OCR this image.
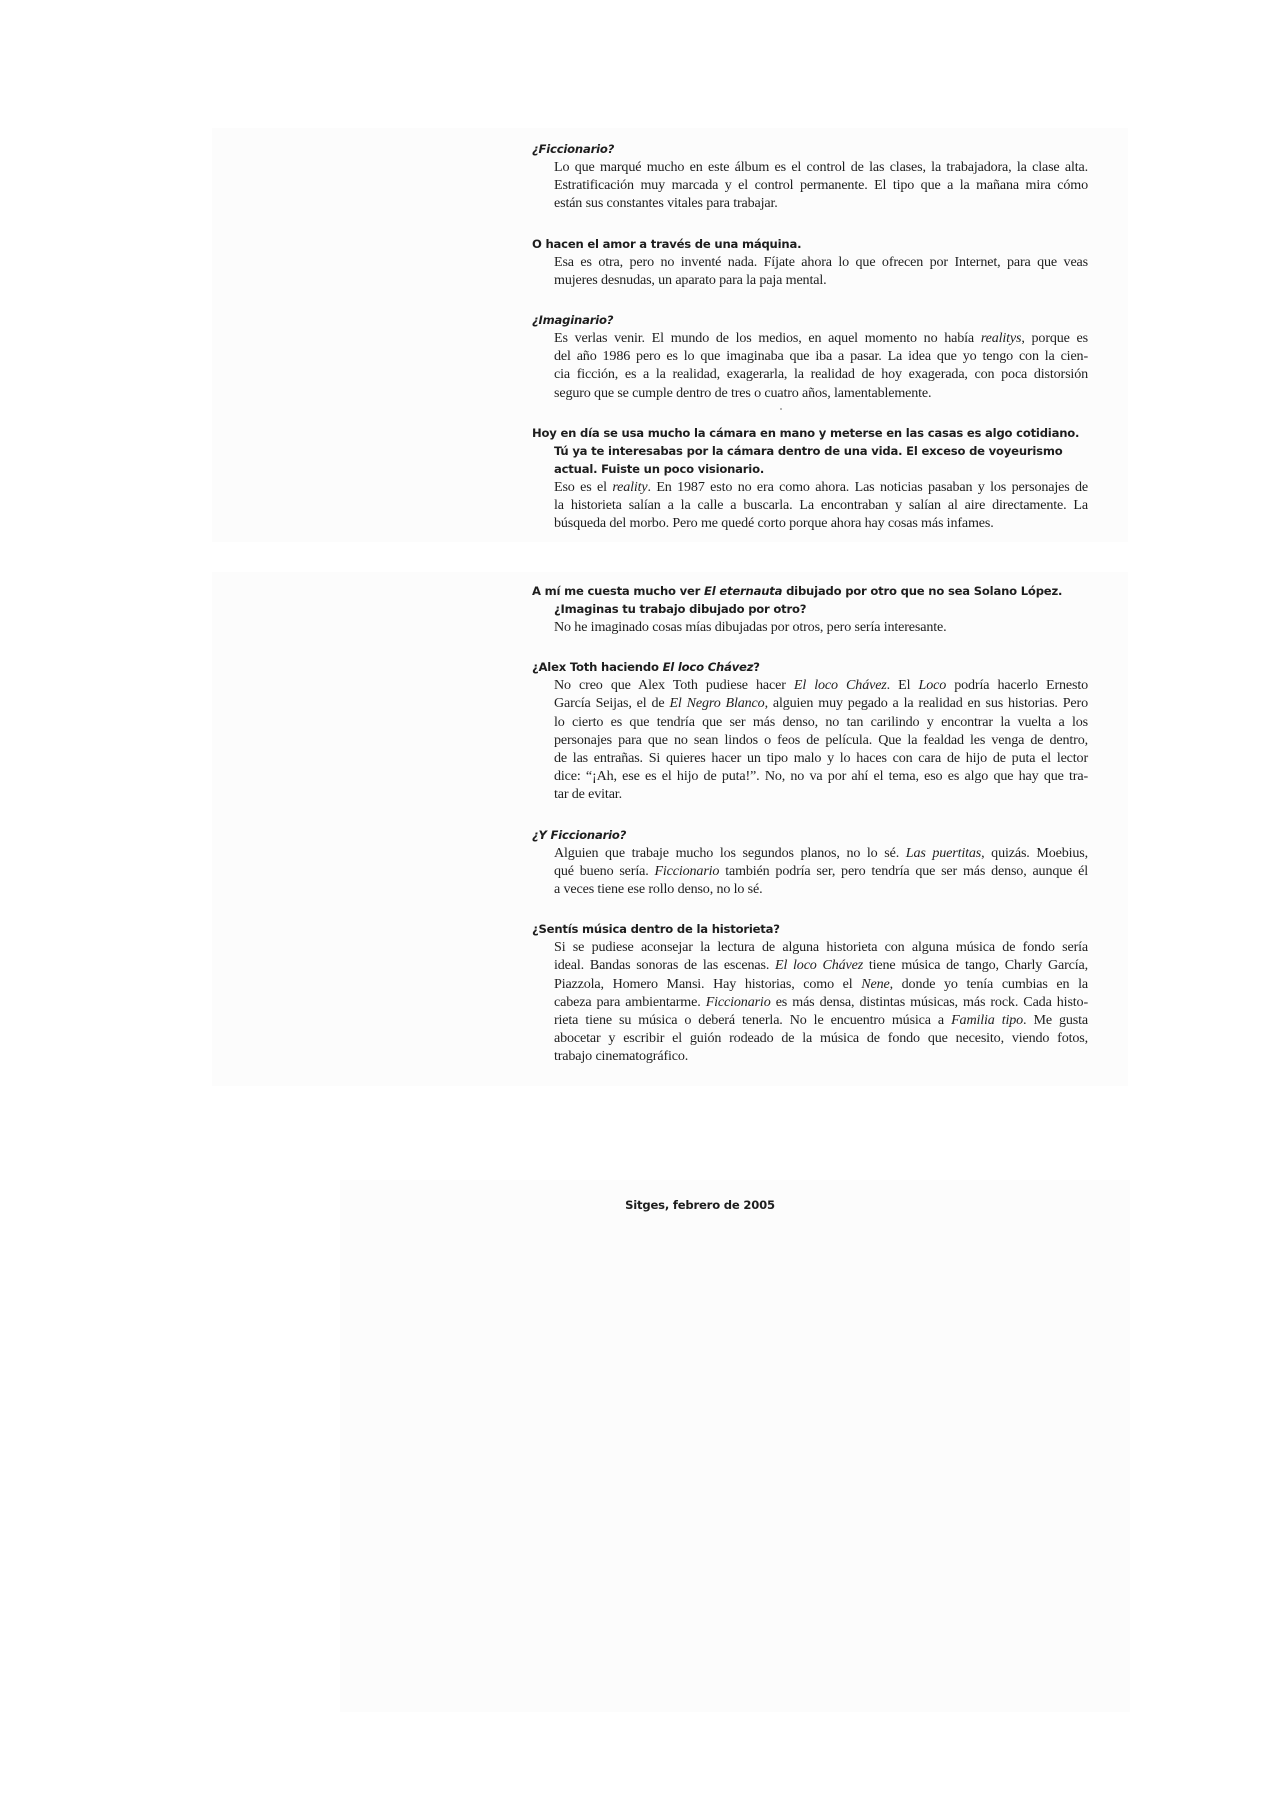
¿Ficcionario?

Lo que marqué mucho en este álbum es el control de las clases, la trabajadora, la clase alta.
Estratificación muy marcada y el control permanente. El tipo que a la mañana mira cómo
están sus constantes vitales para trabajar.

O hacen el amor a través de una máquina.

Esa es otra, pero no inventé nada. Fíjate ahora lo que ofrecen por Internet, para que veas
mujeres desnudas, un aparato para la paja mental.

¿Imaginario?

Es verlas venir. El mundo de los medios, en aquel momento no había realitys, porque es
del año 1986 pero es lo que imaginaba que iba a pasar. La idea que yo tengo con la cien-
cia ficción, es a la realidad, exagerarla, la realidad de hoy exagerada, con poca distorsión
seguro que se cumple dentro de tres o cuatro años, lamentablemente.

Hoy en día se usa mucho la cámara en mano y meterse en las casas es algo cotidiano. Tú ya te interesabas por la cámara dentro de una vida. El exceso de voyeurismo actual. Fuiste un poco visionario.

Eso es el reality. En 1987 esto no era como ahora. Las noticias pasaban y los personajes de
la historieta salían a la calle a buscarla. La encontraban y salían al aire directamente. La
búsqueda del morbo. Pero me quedé corto porque ahora hay cosas más infames.

A mí me cuesta mucho ver El eternauta dibujado por otro que no sea Solano López. ¿Imaginas tu trabajo dibujado por otro?

No he imaginado cosas mías dibujadas por otros, pero sería interesante.

¿Alex Toth haciendo El loco Chávez?

No creo que Alex Toth pudiese hacer El loco Chávez. El Loco podría hacerlo Ernesto
García Seijas, el de El Negro Blanco, alguien muy pegado a la realidad en sus historias. Pero
lo cierto es que tendría que ser más denso, no tan carilindo y encontrar la vuelta a los
personajes para que no sean lindos o feos de película. Que la fealdad les venga de dentro,
de las entrañas. Si quieres hacer un tipo malo y lo haces con cara de hijo de puta el lector
dice: “¡Ah, ese es el hijo de puta!”. No, no va por ahí el tema, eso es algo que hay que tra-
tar de evitar.

¿Y Ficcionario?

Alguien que trabaje mucho los segundos planos, no lo sé. Las puertitas, quizás. Moebius,
qué bueno sería. Ficcionario también podría ser, pero tendría que ser más denso, aunque él
a veces tiene ese rollo denso, no lo sé.

¿Sentís música dentro de la historieta?

Si se pudiese aconsejar la lectura de alguna historieta con alguna música de fondo sería
ideal. Bandas sonoras de las escenas. El loco Chávez tiene música de tango, Charly García,
Piazzola, Homero Mansi. Hay historias, como el Nene, donde yo tenía cumbias en la
cabeza para ambientarme. Ficcionario es más densa, distintas músicas, más rock. Cada histo-
rieta tiene su música o deberá tenerla. No le encuentro música a Familia tipo. Me gusta
abocetar y escribir el guión rodeado de la música de fondo que necesito, viendo fotos,
trabajo cinematográfico.

Sitges, febrero de 2005
